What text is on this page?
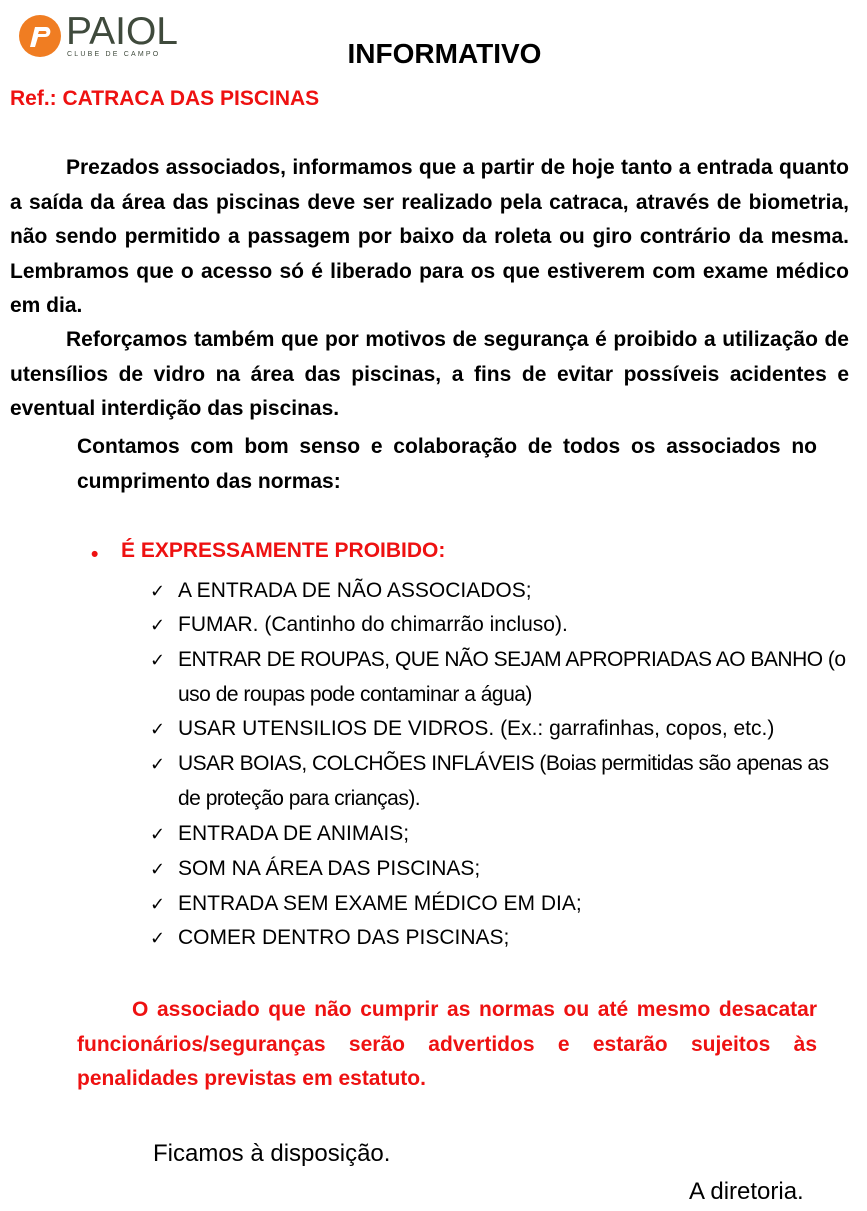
PAIOL
CLUBE DE CAMPO	INFORMATIVO
Ref.: CATRACA DAS PISCINAS
Prezados associados, informamos que a partir de hoje tanto a entrada quanto a saída da área das piscinas deve ser realizado pela catraca, através de biometria, não sendo permitido a passagem por baixo da roleta ou giro contrário da mesma. Lembramos que o acesso só é liberado para os que estiverem com exame médico em dia.
Reforçamos também que por motivos de segurança é proibido a utilização de utensílios de vidro na área das piscinas, a fins de evitar possíveis acidentes e eventual interdição das piscinas.
Contamos com bom senso e colaboração de todos os associados no cumprimento das normas:
• É EXPRESSAMENTE PROIBIDO:
✓ A ENTRADA DE NÃO ASSOCIADOS;
✓ FUMAR. (Cantinho do chimarrão incluso).
✓ ENTRAR DE ROUPAS, QUE NÃO SEJAM APROPRIADAS AO BANHO (o uso de roupas pode contaminar a água)
✓ USAR UTENSILIOS DE VIDROS. (Ex.: garrafinhas, copos, etc.)
✓ USAR BOIAS, COLCHÕES INFLÁVEIS (Boias permitidas são apenas as de proteção para crianças).
✓ ENTRADA DE ANIMAIS;
✓ SOM NA ÁREA DAS PISCINAS;
✓ ENTRADA SEM EXAME MÉDICO EM DIA;
✓ COMER DENTRO DAS PISCINAS;
O associado que não cumprir as normas ou até mesmo desacatar funcionários/seguranças serão advertidos e estarão sujeitos às penalidades previstas em estatuto.
Ficamos à disposição.
A diretoria.
